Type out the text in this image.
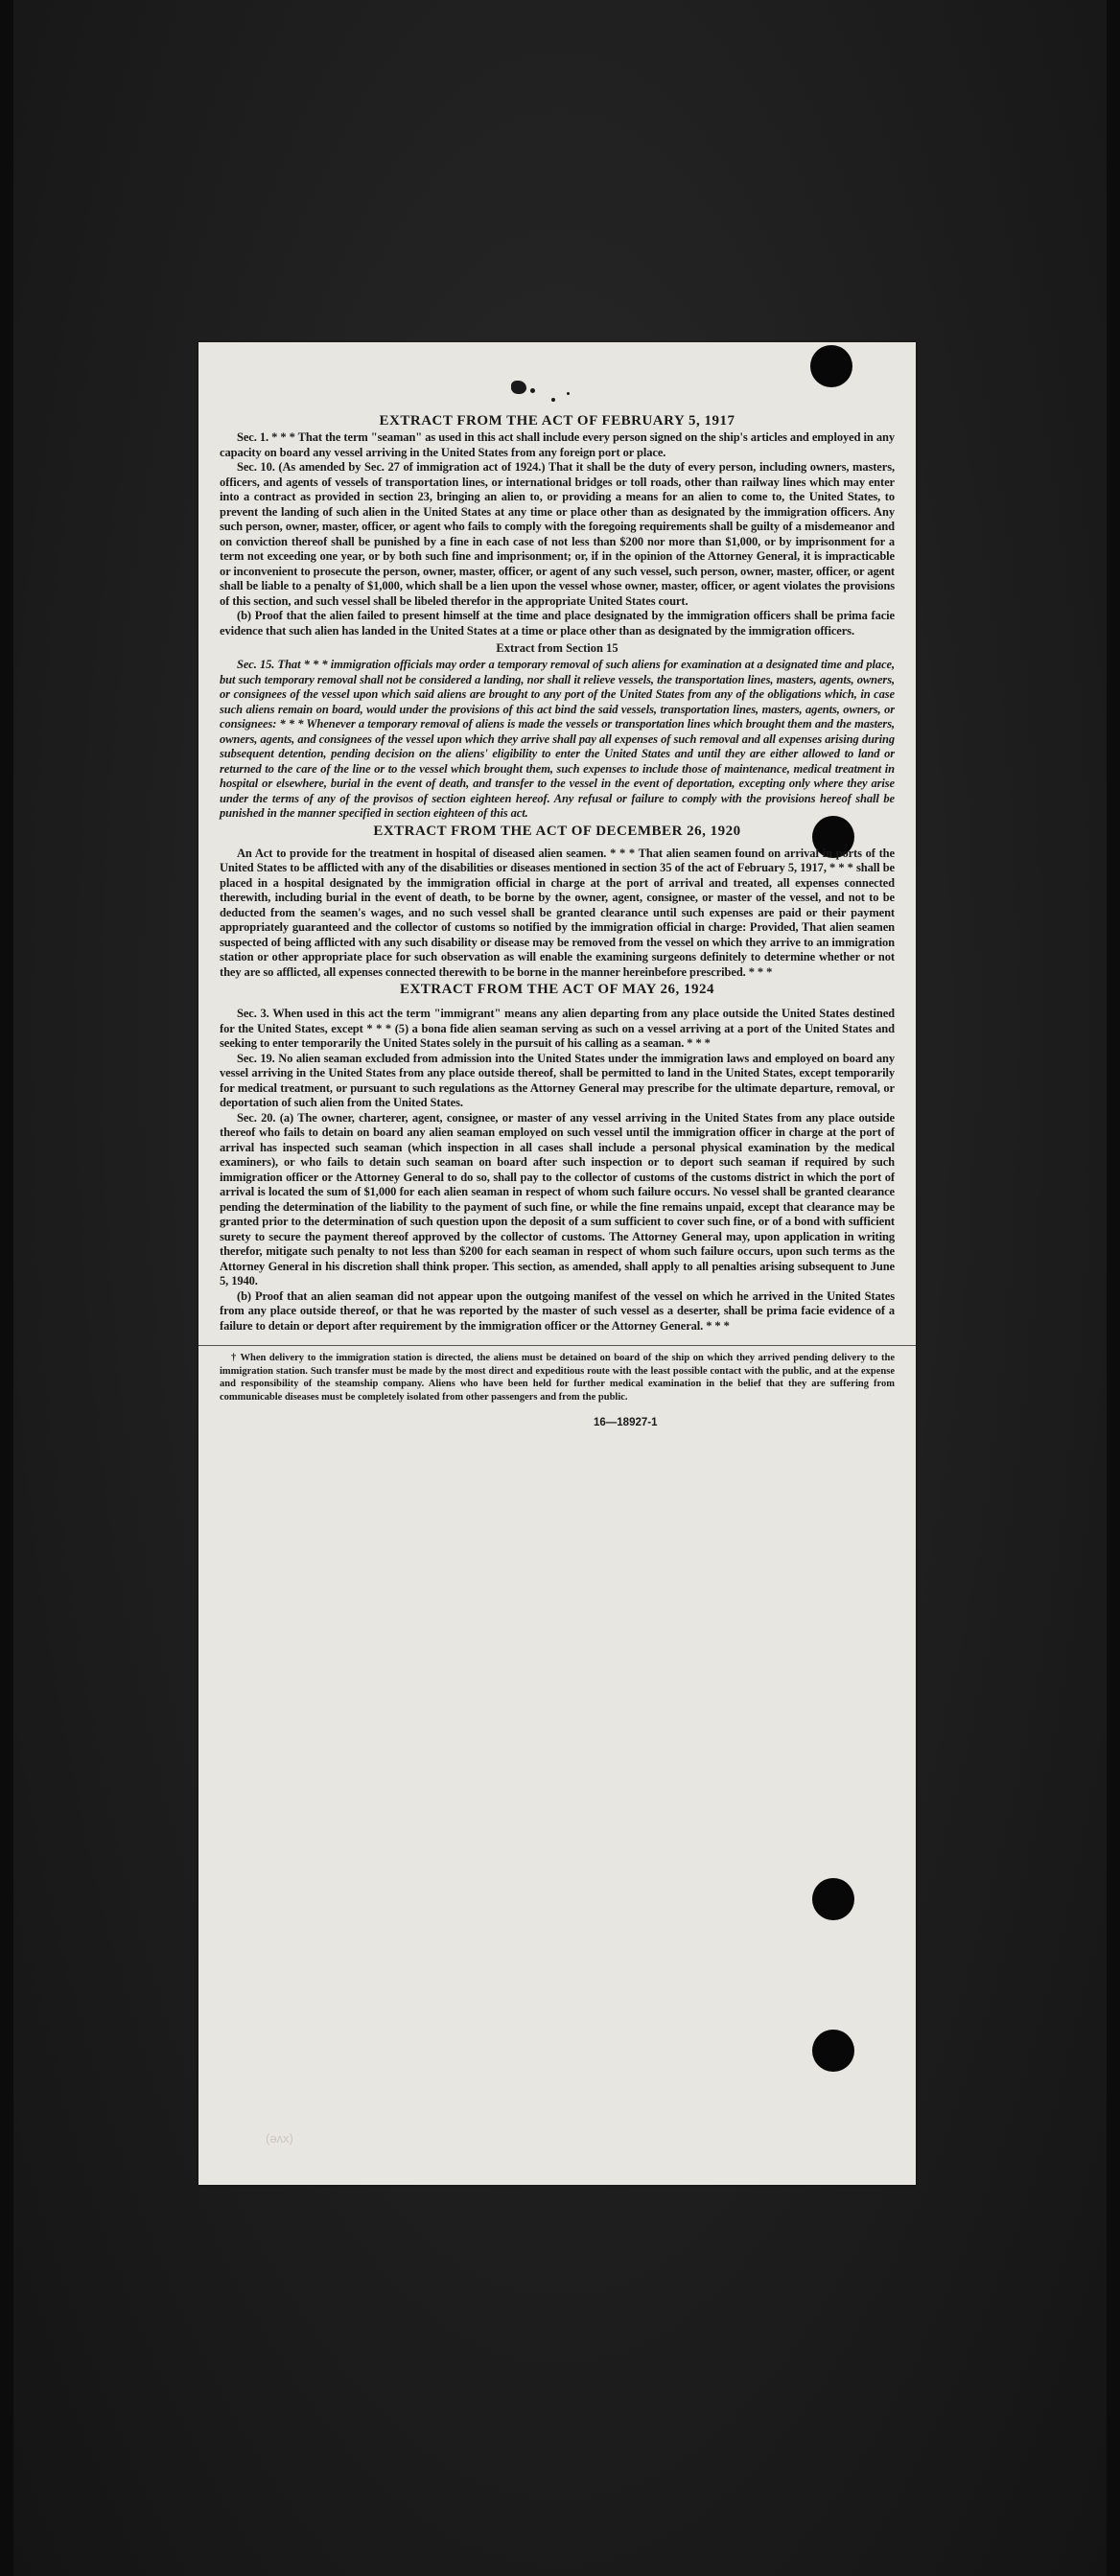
(ǝʌx)
EXTRACT FROM THE ACT OF FEBRUARY 5, 1917

Sec. 1. * * * That the term "seaman" as used in this act shall include every person signed on the ship's articles and employed in any capacity on board any vessel arriving in the United States from any foreign port or place.

Sec. 10. (As amended by Sec. 27 of immigration act of 1924.) That it shall be the duty of every person, including owners, masters, officers, and agents of vessels of transportation lines, or international bridges or toll roads, other than railway lines which may enter into a contract as provided in section 23, bringing an alien to, or providing a means for an alien to come to, the United States, to prevent the landing of such alien in the United States at any time or place other than as designated by the immigration officers. Any such person, owner, master, officer, or agent who fails to comply with the foregoing requirements shall be guilty of a misdemeanor and on conviction thereof shall be punished by a fine in each case of not less than $200 nor more than $1,000, or by imprisonment for a term not exceeding one year, or by both such fine and imprisonment; or, if in the opinion of the Attorney General, it is impracticable or inconvenient to prosecute the person, owner, master, officer, or agent of any such vessel, such person, owner, master, officer, or agent shall be liable to a penalty of $1,000, which shall be a lien upon the vessel whose owner, master, officer, or agent violates the provisions of this section, and such vessel shall be libeled therefor in the appropriate United States court.

(b) Proof that the alien failed to present himself at the time and place designated by the immigration officers shall be prima facie evidence that such alien has landed in the United States at a time or place other than as designated by the immigration officers.

Extract from Section 15

Sec. 15. That * * * immigration officials may order a temporary removal of such aliens for examination at a designated time and place, but such temporary removal shall not be considered a landing, nor shall it relieve vessels, the transportation lines, masters, agents, owners, or consignees of the vessel upon which said aliens are brought to any port of the United States from any of the obligations which, in case such aliens remain on board, would under the provisions of this act bind the said vessels, transportation lines, masters, agents, owners, or consignees: * * * Whenever a temporary removal of aliens is made the vessels or transportation lines which brought them and the masters, owners, agents, and consignees of the vessel upon which they arrive shall pay all expenses of such removal and all expenses arising during subsequent detention, pending decision on the aliens' eligibility to enter the United States and until they are either allowed to land or returned to the care of the line or to the vessel which brought them, such expenses to include those of maintenance, medical treatment in hospital or elsewhere, burial in the event of death, and transfer to the vessel in the event of deportation, excepting only where they arise under the terms of any of the provisos of section eighteen hereof. Any refusal or failure to comply with the provisions hereof shall be punished in the manner specified in section eighteen of this act.

EXTRACT FROM THE ACT OF DECEMBER 26, 1920

An Act to provide for the treatment in hospital of diseased alien seamen. * * * That alien seamen found on arrival in ports of the United States to be afflicted with any of the disabilities or diseases mentioned in section 35 of the act of February 5, 1917, * * * shall be placed in a hospital designated by the immigration official in charge at the port of arrival and treated, all expenses connected therewith, including burial in the event of death, to be borne by the owner, agent, consignee, or master of the vessel, and not to be deducted from the seamen's wages, and no such vessel shall be granted clearance until such expenses are paid or their payment appropriately guaranteed and the collector of customs so notified by the immigration official in charge: Provided, That alien seamen suspected of being afflicted with any such disability or disease may be removed from the vessel on which they arrive to an immigration station or other appropriate place for such observation as will enable the examining surgeons definitely to determine whether or not they are so afflicted, all expenses connected therewith to be borne in the manner hereinbefore prescribed. * * *

EXTRACT FROM THE ACT OF MAY 26, 1924

Sec. 3. When used in this act the term "immigrant" means any alien departing from any place outside the United States destined for the United States, except * * * (5) a bona fide alien seaman serving as such on a vessel arriving at a port of the United States and seeking to enter temporarily the United States solely in the pursuit of his calling as a seaman. * * *

Sec. 19. No alien seaman excluded from admission into the United States under the immigration laws and employed on board any vessel arriving in the United States from any place outside thereof, shall be permitted to land in the United States, except temporarily for medical treatment, or pursuant to such regulations as the Attorney General may prescribe for the ultimate departure, removal, or deportation of such alien from the United States.

Sec. 20. (a) The owner, charterer, agent, consignee, or master of any vessel arriving in the United States from any place outside thereof who fails to detain on board any alien seaman employed on such vessel until the immigration officer in charge at the port of arrival has inspected such seaman (which inspection in all cases shall include a personal physical examination by the medical examiners), or who fails to detain such seaman on board after such inspection or to deport such seaman if required by such immigration officer or the Attorney General to do so, shall pay to the collector of customs of the customs district in which the port of arrival is located the sum of $1,000 for each alien seaman in respect of whom such failure occurs. No vessel shall be granted clearance pending the determination of the liability to the payment of such fine, or while the fine remains unpaid, except that clearance may be granted prior to the determination of such question upon the deposit of a sum sufficient to cover such fine, or of a bond with sufficient surety to secure the payment thereof approved by the collector of customs. The Attorney General may, upon application in writing therefor, mitigate such penalty to not less than $200 for each seaman in respect of whom such failure occurs, upon such terms as the Attorney General in his discretion shall think proper. This section, as amended, shall apply to all penalties arising subsequent to June 5, 1940.

(b) Proof that an alien seaman did not appear upon the outgoing manifest of the vessel on which he arrived in the United States from any place outside thereof, or that he was reported by the master of such vessel as a deserter, shall be prima facie evidence of a failure to detain or deport after requirement by the immigration officer or the Attorney General. * * *

† When delivery to the immigration station is directed, the aliens must be detained on board of the ship on which they arrived pending delivery to the immigration station. Such transfer must be made by the most direct and expeditious route with the least possible contact with the public, and at the expense and responsibility of the steamship company. Aliens who have been held for further medical examination in the belief that they are suffering from communicable diseases must be completely isolated from other passengers and from the public.

16—18927-1
